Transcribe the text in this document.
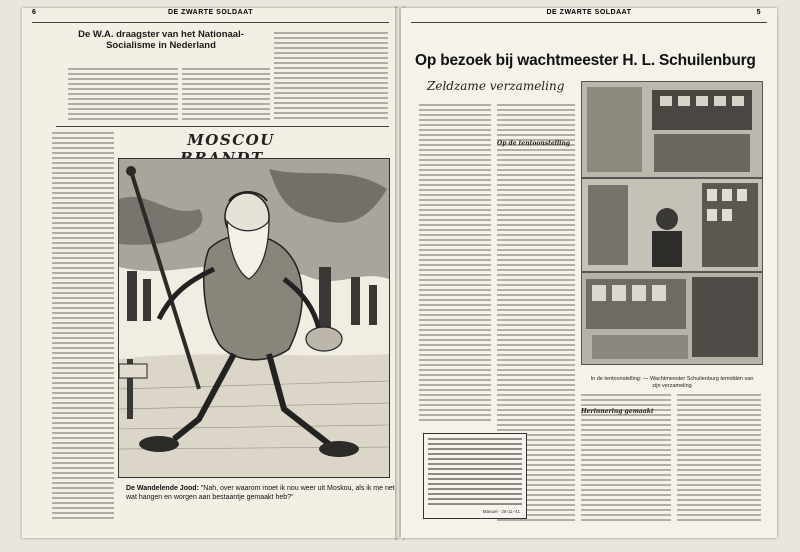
6	DE ZWARTE SOLDAAT
De W.A. draagster van het Nationaal-Socialisme in Nederland
MOSCOU
De Wandelende Jood: "Nah, over waarom moet ik nou weer uit Moskou, als ik me net wat hangen en worgen aan bestaantje gemaakt heb?"
DE ZWARTE SOLDAAT	5
Op bezoek bij wachtmeester H. L. Schuilenburg
Zeldzame verzameling
Op de tentoonstelling
In de tentoonstelling: — Wachtmeester Schuilenburg temidden van zijn verzameling
Herinnering gemaakt
Manuel - 26-11-'41
